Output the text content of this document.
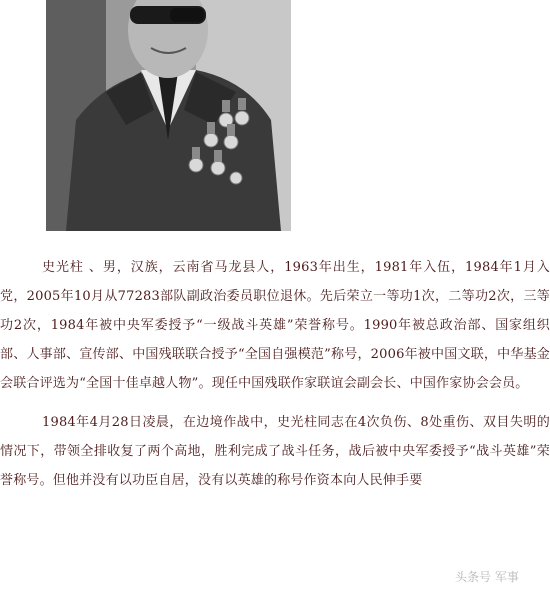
史光柱 、男，汉族，云南省马龙县人，1963年出生，1981年入伍，1984年1月入党，2005年10月从77283部队副政治委员职位退休。先后荣立一等功1次，二等功2次，三等功2次，1984年被中央军委授予“一级战斗英雄”荣誉称号。1990年被总政治部、国家组织部、人事部、宣传部、中国残联联合授予“全国自强模范”称号，2006年被中国文联，中华基金会联合评选为“全国十佳卓越人物”。现任中国残联作家联谊会副会长、中国作家协会会员。

1984年4月28日凌晨，在边境作战中，史光柱同志在4次负伤、8处重伤、双目失明的情况下，带领全排收复了两个高地，胜利完成了战斗任务，战后被中央军委授予“战斗英雄”荣誉称号。但他并没有以功臣自居，没有以英雄的称号作资本向人民伸手要

头条号 军事
